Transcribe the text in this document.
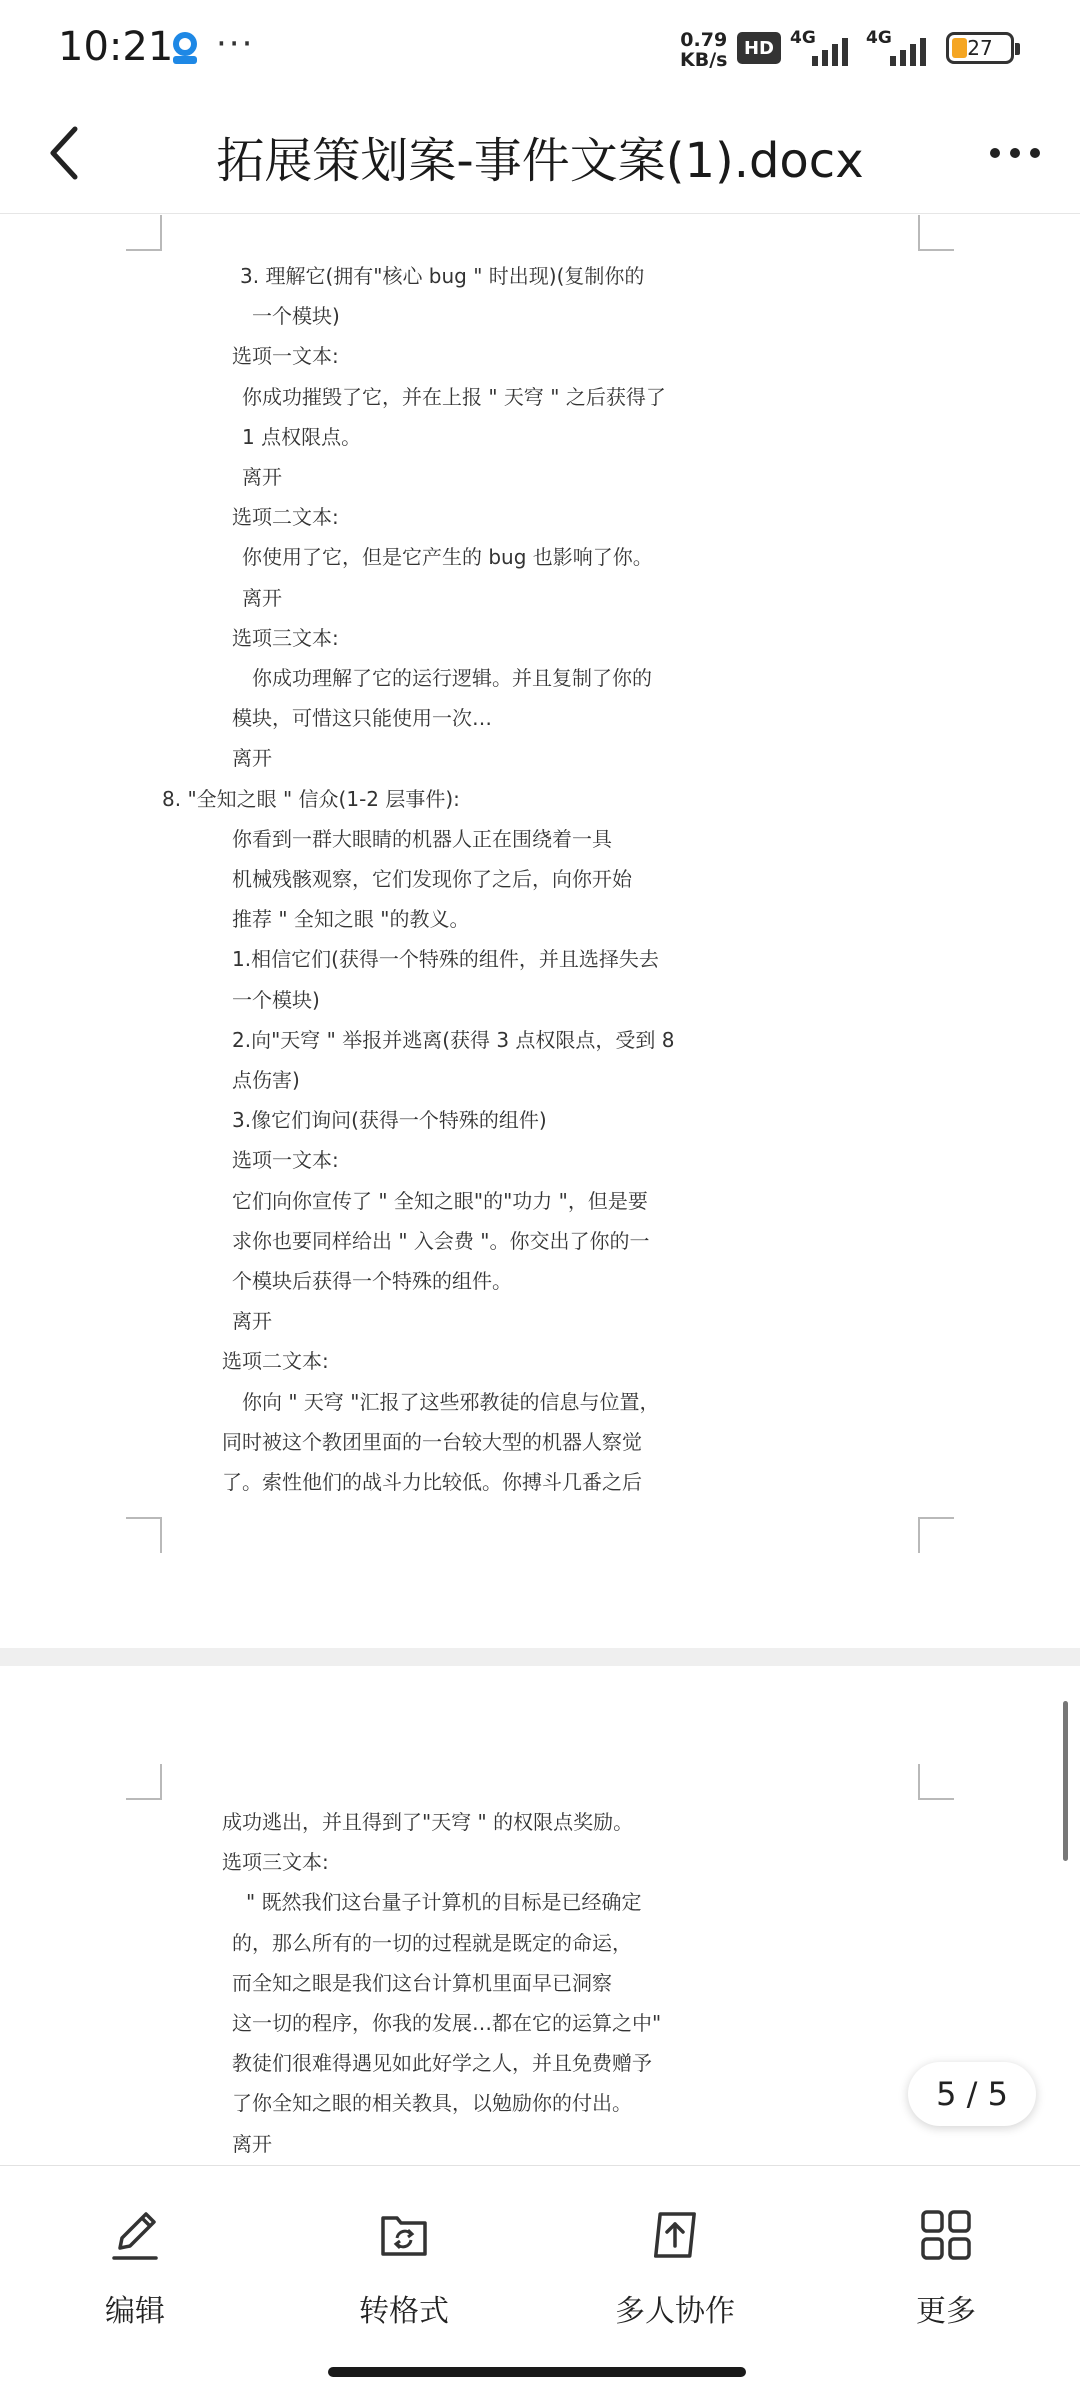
10:21 ···	0.79
KB/s
HD 4G	4G	27
拓展策划案-事件文案(1).docx
3. 理解它(拥有"核心 bug " 时出现)(复制你的
一个模块)
选项一文本:
你成功摧毁了它，并在上报 " 天穹 " 之后获得了
1 点权限点。
离开
选项二文本:
你使用了它，但是它产生的 bug 也影响了你。
离开
选项三文本:
你成功理解了它的运行逻辑。并且复制了你的
模块，可惜这只能使用一次…
离开
8. "全知之眼 " 信众(1-2 层事件):
你看到一群大眼睛的机器人正在围绕着一具
机械残骸观察，它们发现你了之后，向你开始
推荐 " 全知之眼 "的教义。
1.相信它们(获得一个特殊的组件，并且选择失去
一个模块)
2.向"天穹 " 举报并逃离(获得 3 点权限点，受到 8
点伤害)
3.像它们询问(获得一个特殊的组件)
选项一文本:
它们向你宣传了 " 全知之眼"的"功力 "，但是要
求你也要同样给出 " 入会费 "。你交出了你的一
个模块后获得一个特殊的组件。
离开
选项二文本:
你向 " 天穹 "汇报了这些邪教徒的信息与位置，
同时被这个教团里面的一台较大型的机器人察觉
了。索性他们的战斗力比较低。你搏斗几番之后
成功逃出，并且得到了"天穹 " 的权限点奖励。
选项三文本:
" 既然我们这台量子计算机的目标是已经确定
的，那么所有的一切的过程就是既定的命运，
而全知之眼是我们这台计算机里面早已洞察
这一切的程序，你我的发展…都在它的运算之中"
教徒们很难得遇见如此好学之人，并且免费赠予
了你全知之眼的相关教具，以勉励你的付出。
离开
5 / 5
编辑	转格式	多人协作	更多
